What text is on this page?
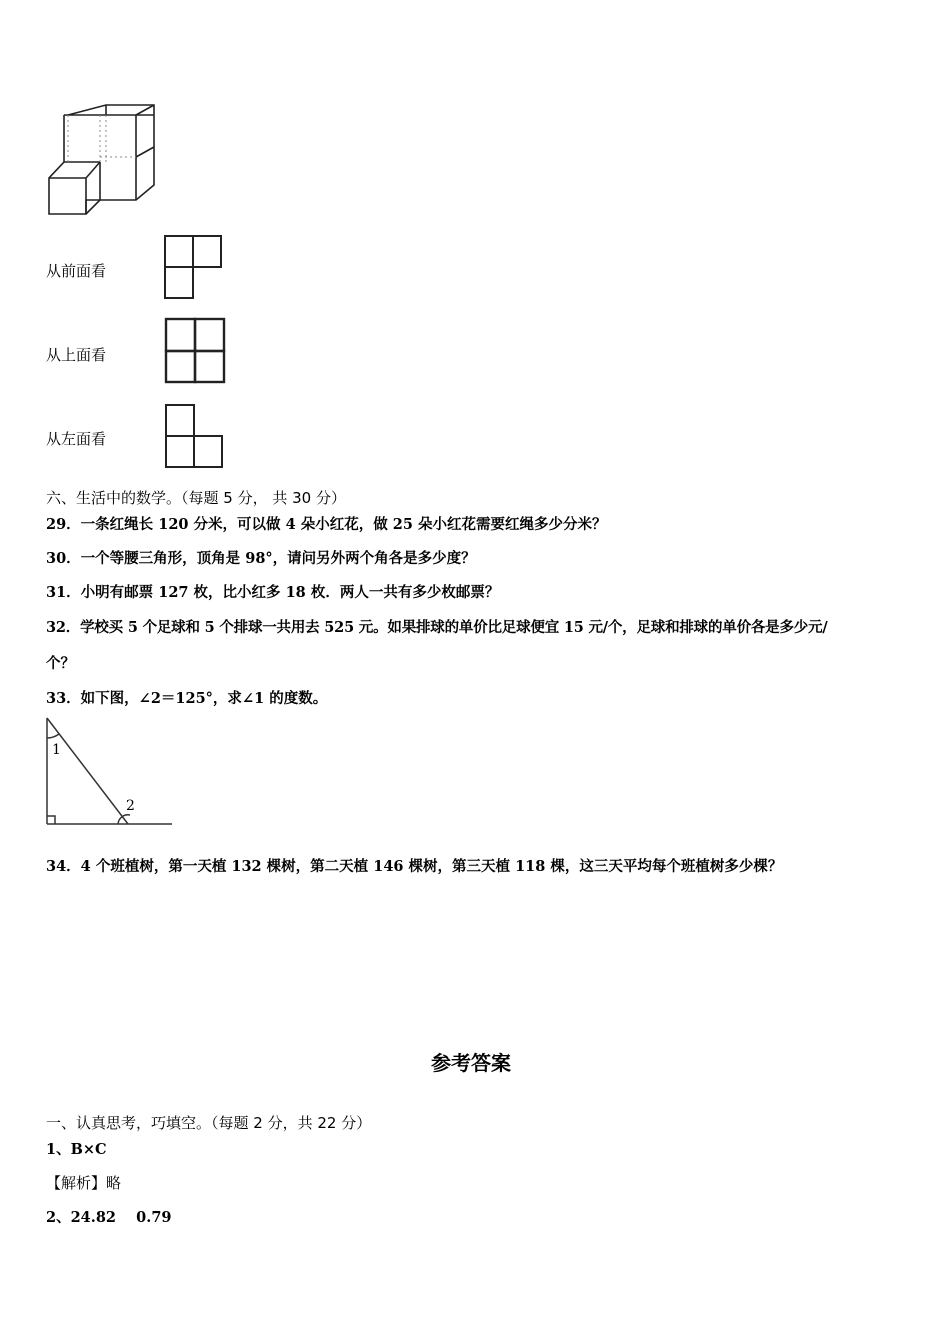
从前面看
从上面看
从左面看
六、生活中的数学。（每题 5 分， 共 30 分）
29．一条红绳长 120 分米，可以做 4 朵小红花，做 25 朵小红花需要红绳多少分米？
30．一个等腰三角形，顶角是 98°，请问另外两个角各是多少度？
31．小明有邮票 127 枚，比小红多 18 枚．两人一共有多少枚邮票？
32．学校买 5 个足球和 5 个排球一共用去 525 元。如果排球的单价比足球便宜 15 元/个，足球和排球的单价各是多少元/
个？
33．如下图，∠2＝125°，求∠1 的度数。
1
2
34．4 个班植树，第一天植 132 棵树，第二天植 146 棵树，第三天植 118 棵，这三天平均每个班植树多少棵？
参考答案
一、认真思考，巧填空。（每题 2 分，共 22 分）
1、B×C
【解析】略
2、24.82    0.79
